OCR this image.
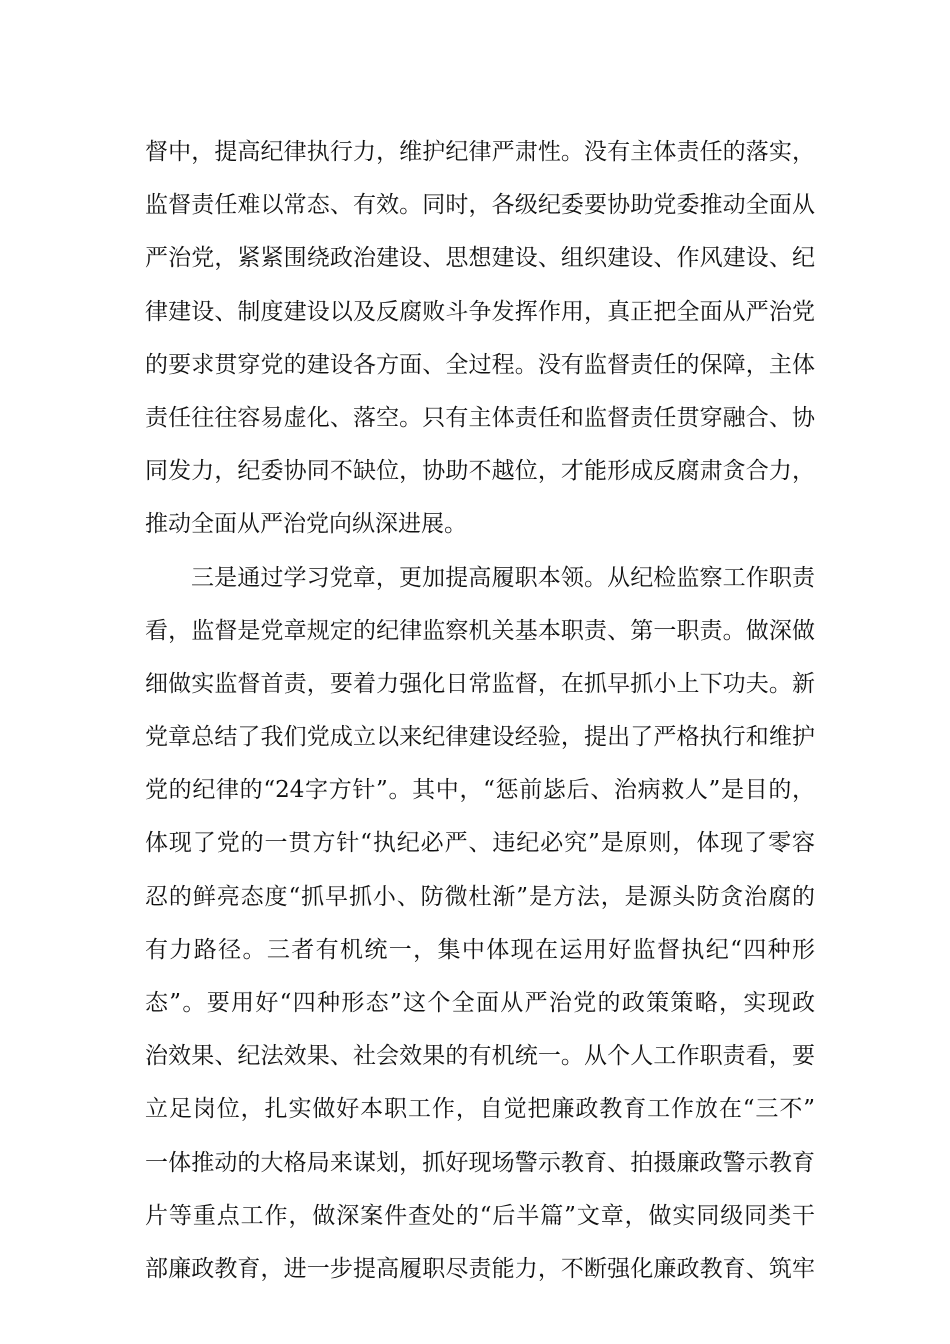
督中，提高纪律执行力，维护纪律严肃性。没有主体责任的落实，
监督责任难以常态、有效。同时，各级纪委要协助党委推动全面从
严治党，紧紧围绕政治建设、思想建设、组织建设、作风建设、纪
律建设、制度建设以及反腐败斗争发挥作用，真正把全面从严治党
的要求贯穿党的建设各方面、全过程。没有监督责任的保障，主体
责任往往容易虚化、落空。只有主体责任和监督责任贯穿融合、协
同发力，纪委协同不缺位，协助不越位，才能形成反腐肃贪合力，
推动全面从严治党向纵深进展。
三是通过学习党章，更加提高履职本领。从纪检监察工作职责
看，监督是党章规定的纪律监察机关基本职责、第一职责。做深做
细做实监督首责，要着力强化日常监督，在抓早抓小上下功夫。新
党章总结了我们党成立以来纪律建设经验，提出了严格执行和维护
党的纪律的“24字方针”。其中，“惩前毖后、治病救人”是目的，
体现了党的一贯方针“执纪必严、违纪必究”是原则，体现了零容
忍的鲜亮态度“抓早抓小、防微杜渐”是方法，是源头防贪治腐的
有力路径。三者有机统一，集中体现在运用好监督执纪“四种形
态”。要用好“四种形态”这个全面从严治党的政策策略，实现政
治效果、纪法效果、社会效果的有机统一。从个人工作职责看，要
立足岗位，扎实做好本职工作，自觉把廉政教育工作放在“三不”
一体推动的大格局来谋划，抓好现场警示教育、拍摄廉政警示教育
片等重点工作，做深案件查处的“后半篇”文章，做实同级同类干
部廉政教育，进一步提高履职尽责能力，不断强化廉政教育、筑牢
